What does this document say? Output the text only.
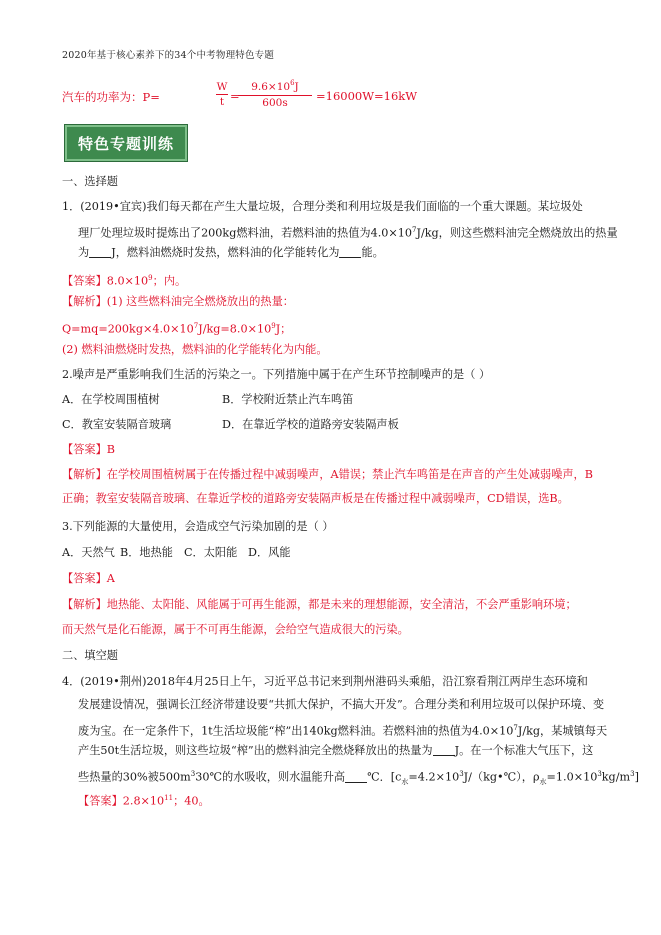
2020年基于核心素养下的34个中考物理特色专题
汽车的功率为：P=
W
t =
$9.6\times 10^6J$
600s	=16000W=16kW
特色专题训练
一、选择题
1．(2019•宜宾)我们每天都在产生大量垃圾，合理分类和利用垃圾是我们面临的一个重大课题。某垃圾处
理厂处理垃圾时提炼出了200kg燃料油，若燃料油的热值为$4.0\times 10^7J/kg$，则这些燃料油完全燃烧放出的热量
为 J，燃料油燃烧时发热，燃料油的化学能转化为 能。
【答案】$8.0\times 10^9$；内。
【解析】(1) 这些燃料油完全燃烧放出的热量：
$Q=mq=200kg\times 4.0\times 10^7J/kg=8.0\times 10^9J$；
(2) 燃料油燃烧时发热，燃料油的化学能转化为内能。
2.噪声是严重影响我们生活的污染之一。下列措施中属于在产生环节控制噪声的是（ ）
A．在学校周围植树	B．学校附近禁止汽车鸣笛
C．教室安装隔音玻璃	D．在靠近学校的道路旁安装隔声板
【答案】B
【解析】在学校周围植树属于在传播过程中减弱噪声，A错误；禁止汽车鸣笛是在声音的产生处减弱噪声，B
正确；教室安装隔音玻璃、在靠近学校的道路旁安装隔声板是在传播过程中减弱噪声，CD错误，选B。
3.下列能源的大量使用，会造成空气污染加剧的是（ ）
A．天然气 B．地热能 C．太阳能 D．风能
【答案】A
【解析】地热能、太阳能、风能属于可再生能源，都是未来的理想能源，安全清洁，不会严重影响环境；
而天然气是化石能源，属于不可再生能源，会给空气造成很大的污染。
二、填空题
4．(2019•荆州)2018年4月25日上午，习近平总书记来到荆州港码头乘船，沿江察看荆江两岸生态环境和
发展建设情况，强调长江经济带建设要“共抓大保护，不搞大开发”。合理分类和利用垃圾可以保护环境、变
废为宝。在一定条件下，1t生活垃圾能“榨”出140kg燃料油。若燃料油的热值为$4.0\times 10^7J/kg$，某城镇每天
产生50t生活垃圾，则这些垃圾“榨”出的燃料油完全燃烧释放出的热量为 J。在一个标准大气压下，这
些热量的30%被$500m^330℃$的水吸收，则水温能升高 ℃．[$c_水=4.2\times 10^3J/(kg•℃)$，$\rho_水=1.0\times 10^3kg/m^3$]
【答案】$2.8\times 10^{11}$；40。
